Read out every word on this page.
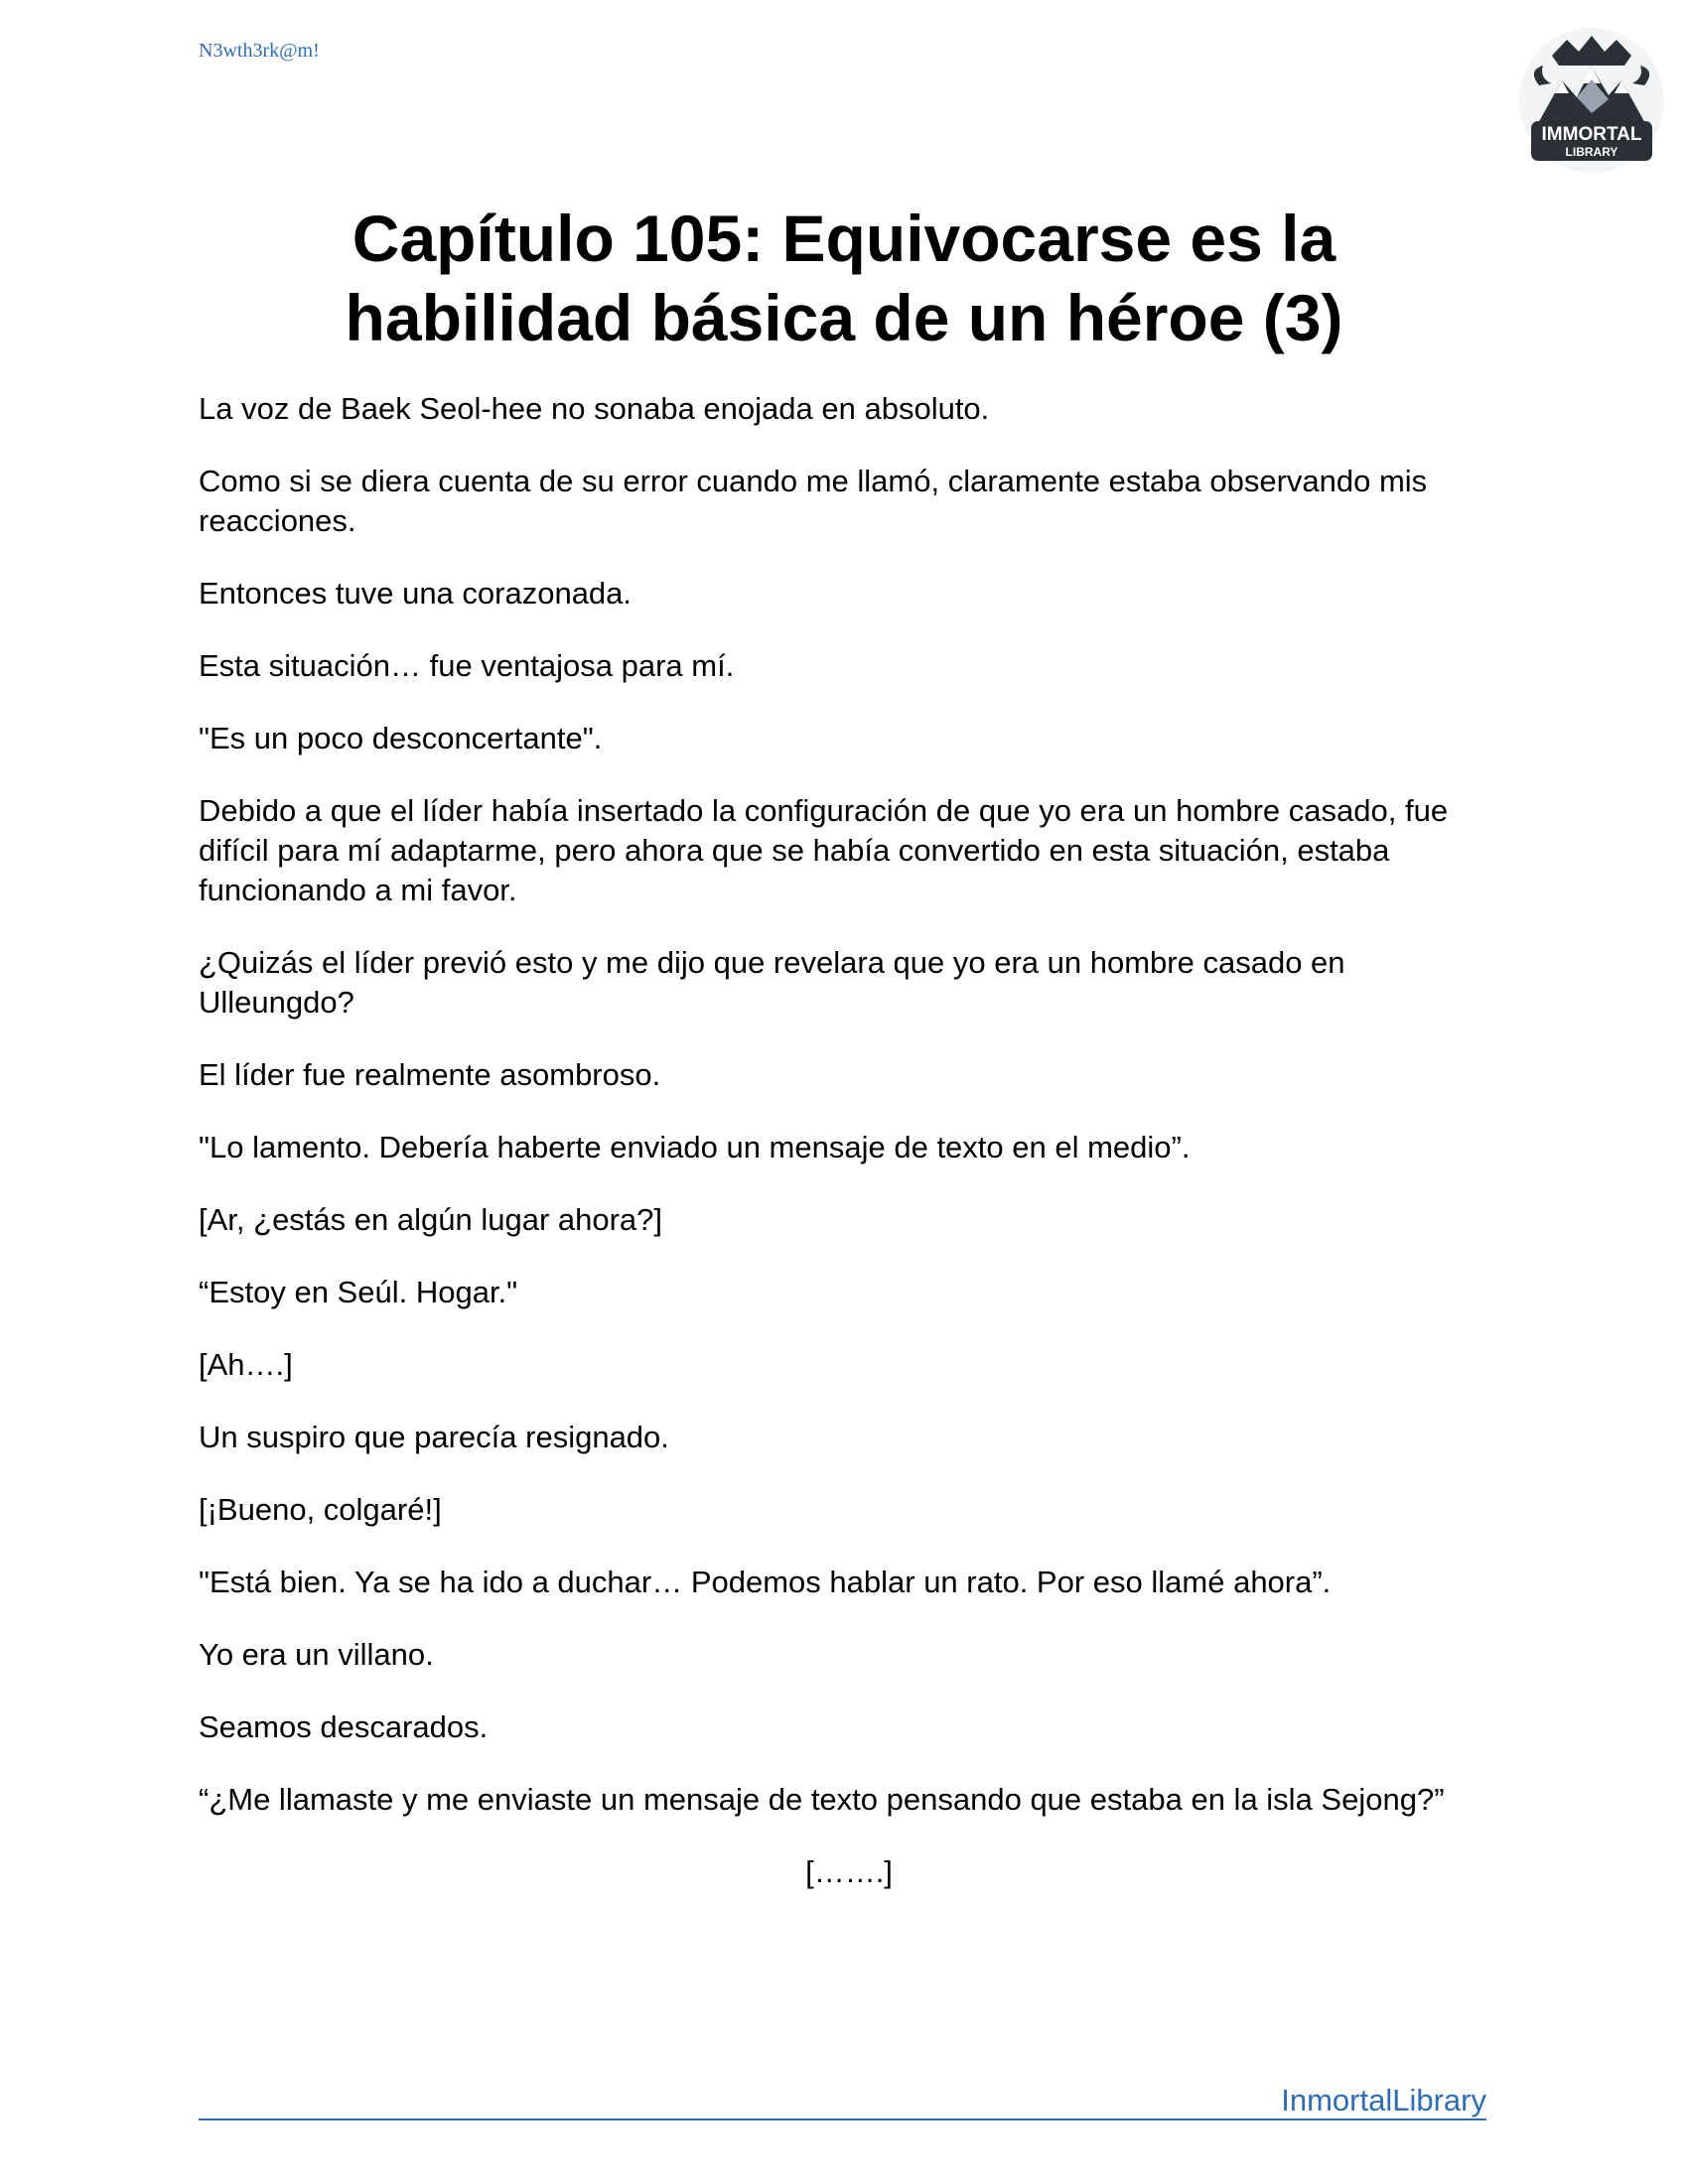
N3wth3rk@m!
IMMORTAL
LIBRARY
Capítulo 105: Equivocarse es la
habilidad básica de un héroe (3)

La voz de Baek Seol-hee no sonaba enojada en absoluto.

Como si se diera cuenta de su error cuando me llamó, claramente estaba observando mis reacciones.

Entonces tuve una corazonada.

Esta situación… fue ventajosa para mí.

"Es un poco desconcertante".

Debido a que el líder había insertado la configuración de que yo era un hombre casado, fue difícil para mí adaptarme, pero ahora que se había convertido en esta situación, estaba funcionando a mi favor.

¿Quizás el líder previó esto y me dijo que revelara que yo era un hombre casado en Ulleungdo?

El líder fue realmente asombroso.

"Lo lamento. Debería haberte enviado un mensaje de texto en el medio”.

[Ar, ¿estás en algún lugar ahora?]

“Estoy en Seúl. Hogar."

[Ah….]

Un suspiro que parecía resignado.

[¡Bueno, colgaré!]

"Está bien. Ya se ha ido a duchar… Podemos hablar un rato. Por eso llamé ahora”.

Yo era un villano.

Seamos descarados.

“¿Me llamaste y me enviaste un mensaje de texto pensando que estaba en la isla Sejong?”

[…….]

InmortalLibrary
